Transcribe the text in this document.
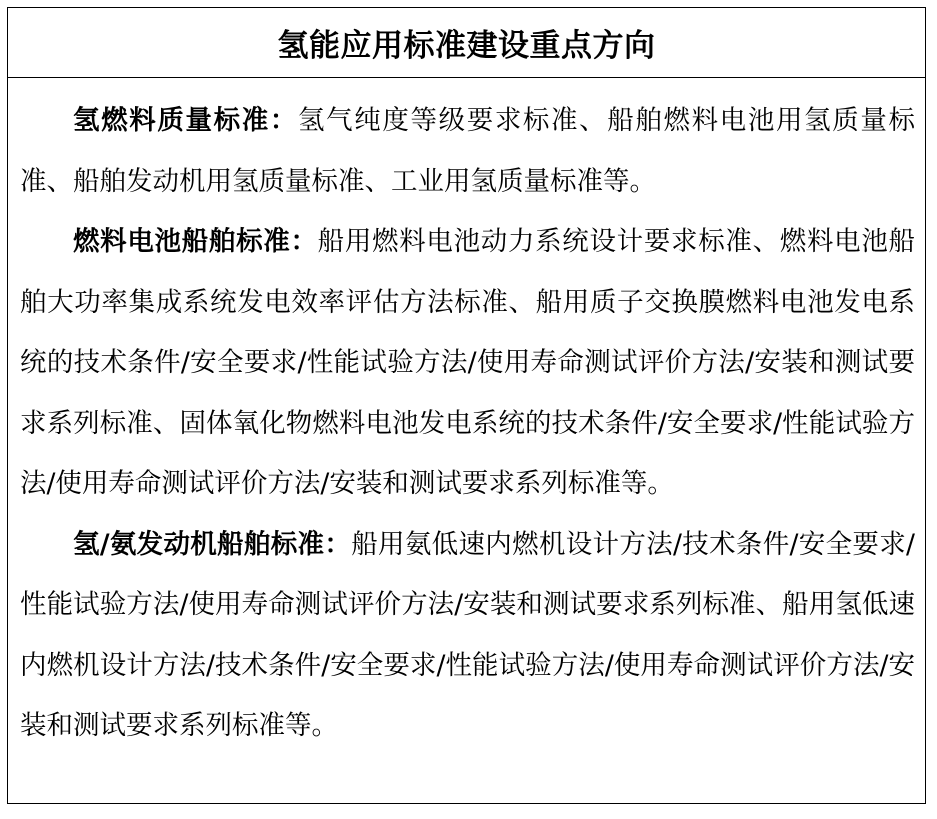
氢能应用标准建设重点方向

氢燃料质量标准：氢气纯度等级要求标准、船舶燃料电池用氢质量标准、船舶发动机用氢质量标准、工业用氢质量标准等。

燃料电池船舶标准：船用燃料电池动力系统设计要求标准、燃料电池船舶大功率集成系统发电效率评估方法标准、船用质子交换膜燃料电池发电系统的技术条件/安全要求/性能试验方法/使用寿命测试评价方法/安装和测试要求系列标准、固体氧化物燃料电池发电系统的技术条件/安全要求/性能试验方法/使用寿命测试评价方法/安装和测试要求系列标准等。

氢/氨发动机船舶标准：船用氨低速内燃机设计方法/技术条件/安全要求/性能试验方法/使用寿命测试评价方法/安装和测试要求系列标准、船用氢低速内燃机设计方法/技术条件/安全要求/性能试验方法/使用寿命测试评价方法/安装和测试要求系列标准等。
